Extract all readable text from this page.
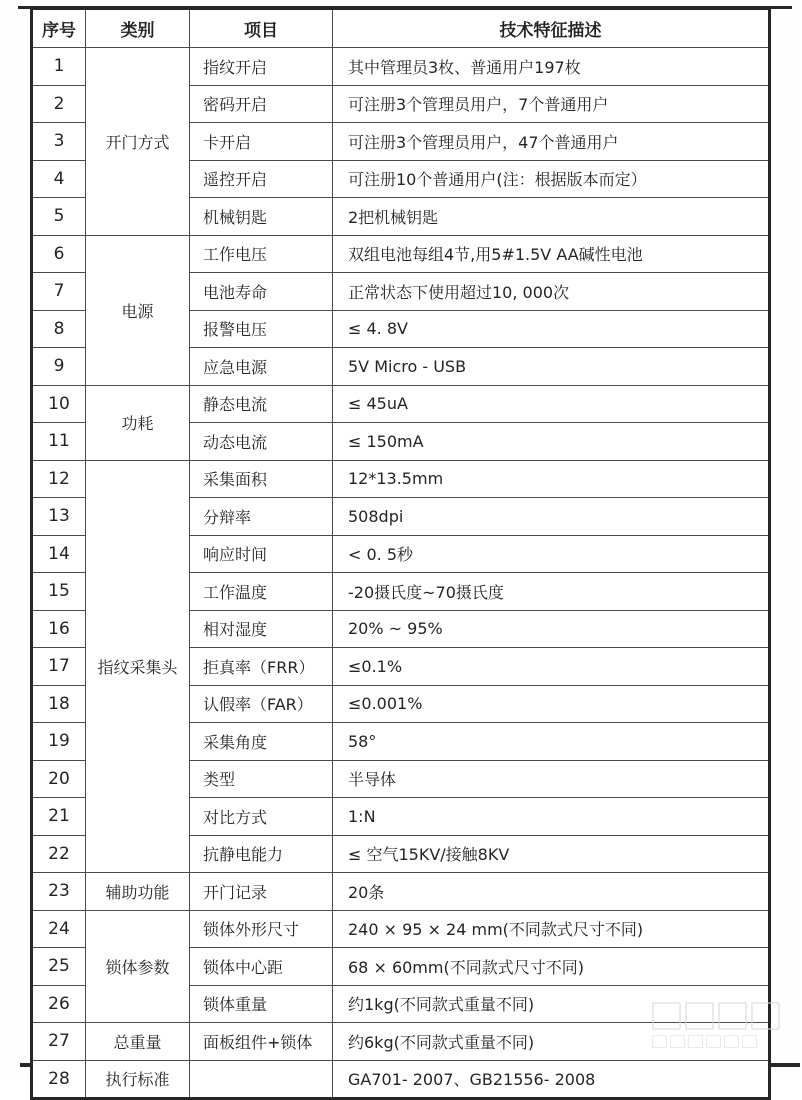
序号	类别	项目	技术特征描述
1	开门方式	指纹开启	其中管理员3枚、普通用户197枚
2		密码开启	可注册3个管理员用户，7个普通用户
3		卡开启	可注册3个管理员用户，47个普通用户
4		遥控开启	可注册10个普通用户(注：根据版本而定）
5		机械钥匙	2把机械钥匙
6	电源	工作电压	双组电池每组4节,用5#1.5V AA碱性电池
7		电池寿命	正常状态下使用超过10, 000次
8		报警电压	≤ 4. 8V
9		应急电源	5V Micro - USB
10	功耗	静态电流	≤ 45uA
11		动态电流	≤ 150mA
12	指纹采集头	采集面积	12*13.5mm
13		分辩率	508dpi
14		响应时间	< 0. 5秒
15		工作温度	-20摄氏度~70摄氏度
16		相对湿度	20% ~ 95%
17		拒真率（FRR）	≤0.1%
18		认假率（FAR）	≤0.001%
19		采集角度	58°
20		类型	半导体
21		对比方式	1:N
22		抗静电能力	≤ 空气15KV/接触8KV
23	辅助功能	开门记录	20条
24	锁体参数	锁体外形尺寸	240 × 95 × 24 mm(不同款式尺寸不同)
25		锁体中心距	68 × 60mm(不同款式尺寸不同)
26		锁体重量	约1kg(不同款式重量不同)
27	总重量	面板组件+锁体	约6kg(不同款式重量不同)
28	执行标准		GA701- 2007、GB21556- 2008
